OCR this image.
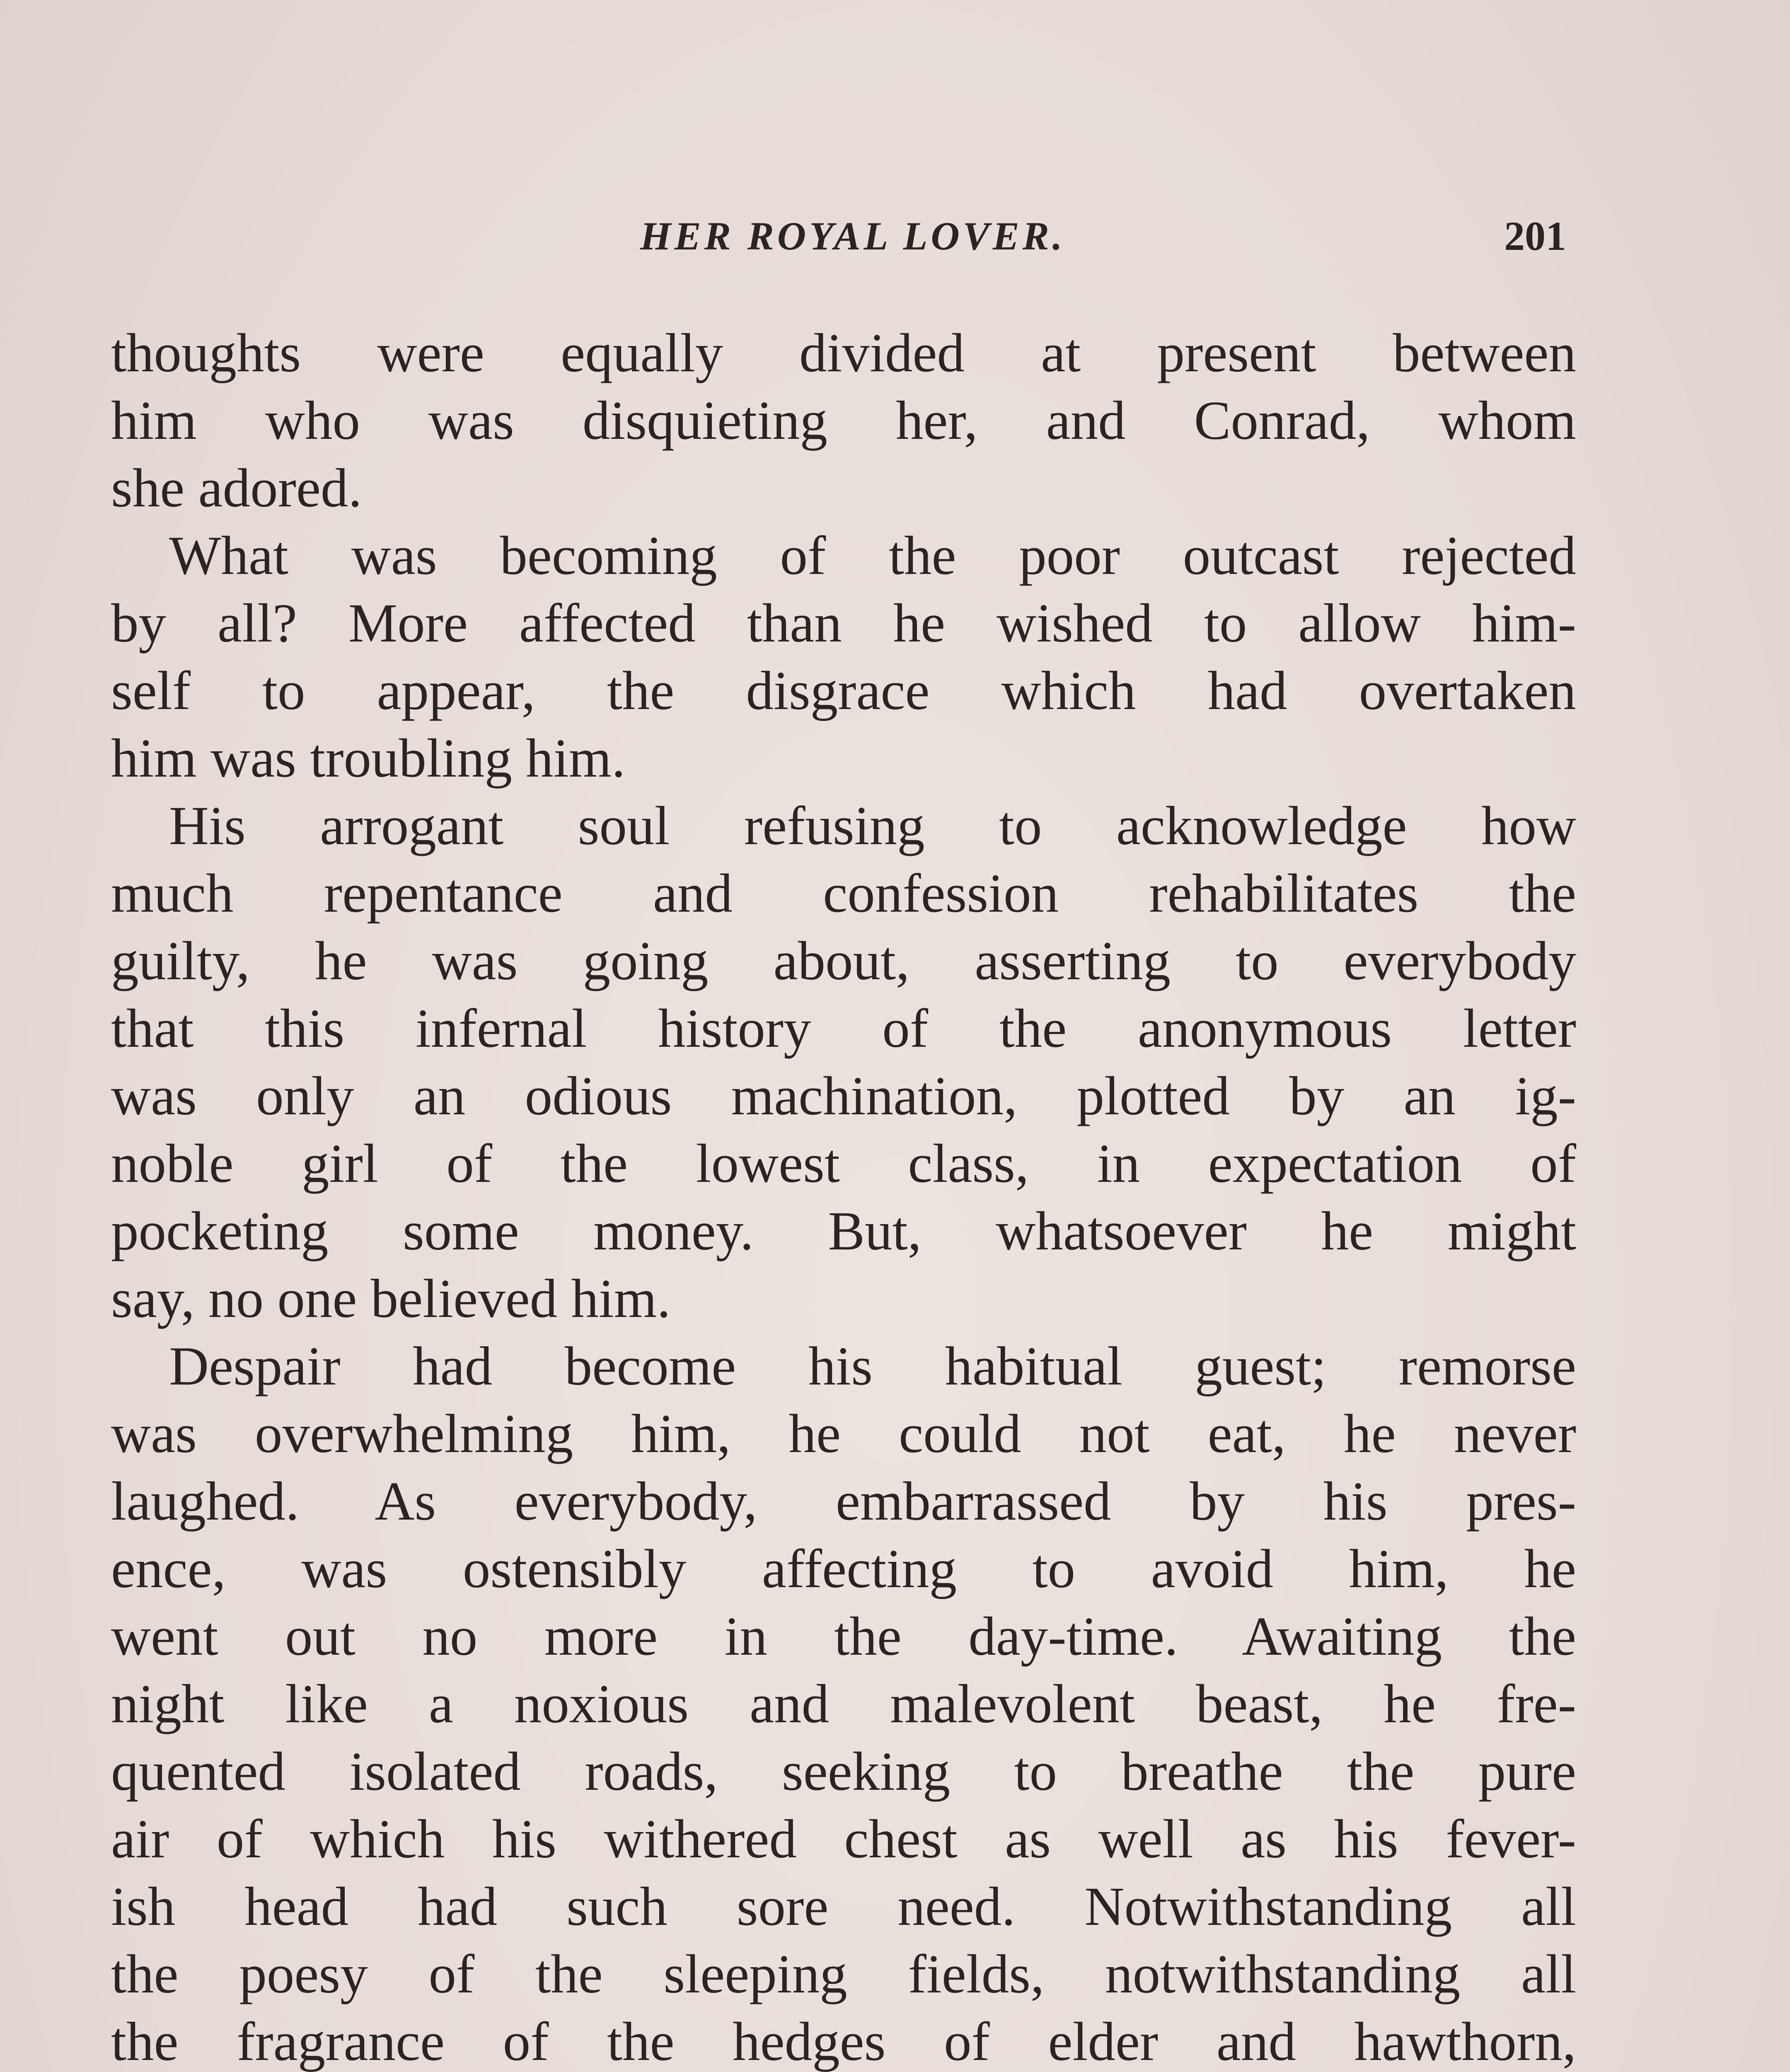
HER ROYAL LOVER.	201
thoughts were equally divided at present between
him who was disquieting her, and Conrad, whom
she adored.
What was becoming of the poor outcast rejected
by all? More affected than he wished to allow him-
self to appear, the disgrace which had overtaken
him was troubling him.
His arrogant soul refusing to acknowledge how
much repentance and confession rehabilitates the
guilty, he was going about, asserting to everybody
that this infernal history of the anonymous letter
was only an odious machination, plotted by an ig-
noble girl of the lowest class, in expectation of
pocketing some money. But, whatsoever he might
say, no one believed him.
Despair had become his habitual guest; remorse
was overwhelming him, he could not eat, he never
laughed. As everybody, embarrassed by his pres-
ence, was ostensibly affecting to avoid him, he
went out no more in the day-time. Awaiting the
night like a noxious and malevolent beast, he fre-
quented isolated roads, seeking to breathe the pure
air of which his withered chest as well as his fever-
ish head had such sore need. Notwithstanding all
the poesy of the sleeping fields, notwithstanding all
the fragrance of the hedges of elder and hawthorn,
